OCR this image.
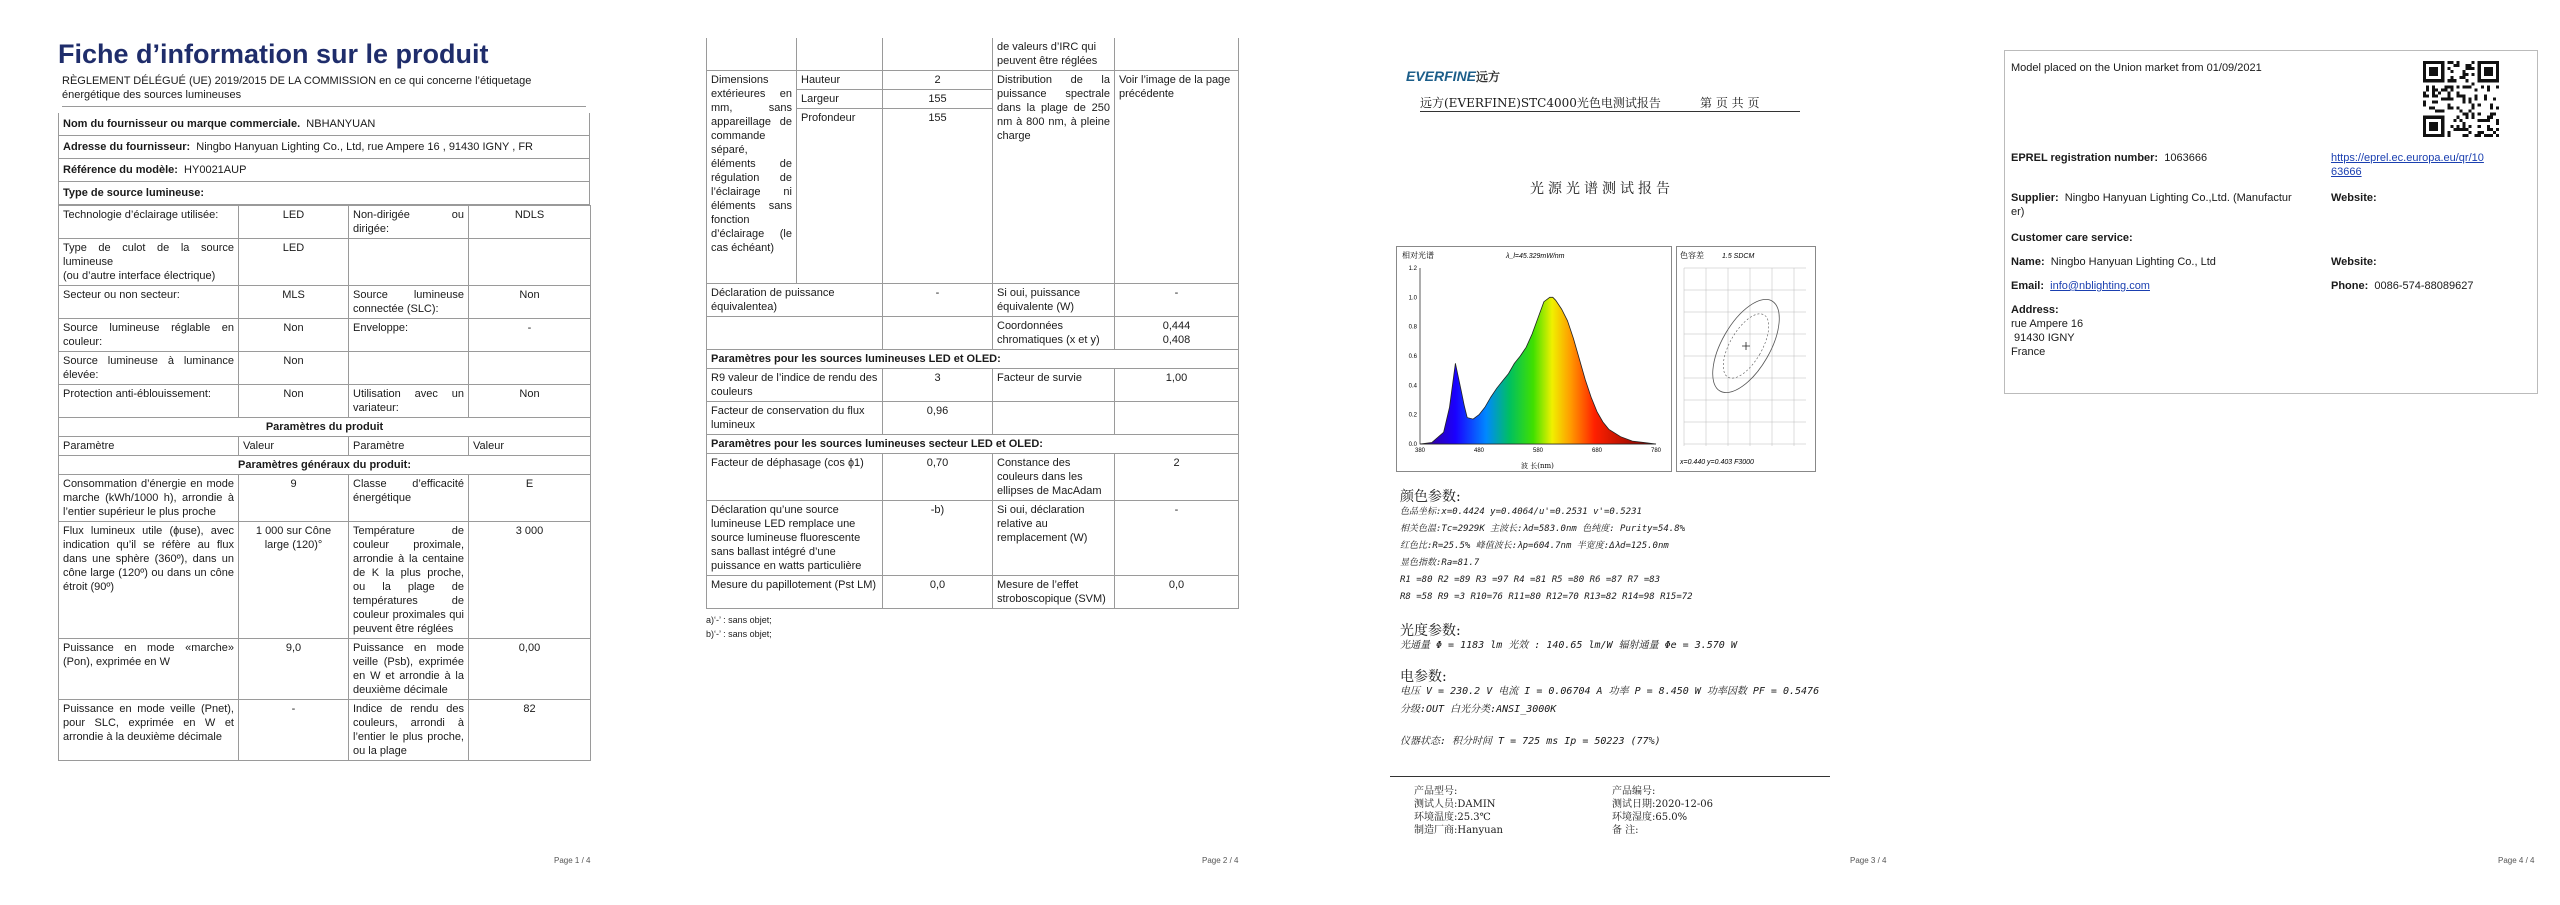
Fiche d’information sur le produit
RÈGLEMENT DÉLÉGUÉ (UE) 2019/2015 DE LA COMMISSION en ce qui concerne l’étiquetage énergétique des sources lumineuses
Nom du fournisseur ou marque commerciale. NBHANYUAN
Adresse du fournisseur: Ningbo Hanyuan Lighting Co., Ltd, rue Ampere 16 , 91430 IGNY , FR
Référence du modèle: HY0021AUP
Type de source lumineuse:
Technologie d’éclairage utilisée:	LED	Non-dirigée ou dirigée:	NDLS
Type de culot de la source lumineuse
(ou d’autre interface électrique)	LED		
Secteur ou non secteur:	MLS	Source lumineuse connectée (SLC):	Non
Source lumineuse réglable en couleur:	Non	Enveloppe:	-
Source lumineuse à luminance élevée:	Non		
Protection anti-éblouissement:	Non	Utilisation avec un variateur:	Non
Paramètres du produit			
Paramètre	Valeur	Paramètre	Valeur
Paramètres généraux du produit:			
Consommation d’énergie en mode marche (kWh/1000 h), arrondie à l’entier supérieur le plus proche	9	Classe d’efficacité énergétique	E
Flux lumineux utile (ɸuse), avec indication qu’il se réfère au flux dans une sphère (360º), dans un cône large (120º) ou dans un cône étroit (90º)	1 000 sur Cône large (120)°	Température de couleur proximale, arrondie à la centaine de K la plus proche, ou la plage de températures de couleur proximales qui peuvent être réglées	3 000
Puissance en mode «marche» (Pon), exprimée en W	9,0	Puissance en mode veille (Psb), exprimée en W et arrondie à la deuxième décimale	0,00
Puissance en mode veille (Pnet), pour SLC, exprimée en W et arrondie à la deuxième décimale	-	Indice de rendu des couleurs, arrondi à l’entier le plus proche, ou la plage	82
Page 1 / 4
			de valeurs d’IRC qui peuvent être réglées	
Dimensions extérieures en mm, sans appareillage de commande séparé, éléments de régulation de l’éclairage ni éléments sans fonction d’éclairage (le cas échéant)	Hauteur	2	Distribution de la puissance spectrale dans la plage de 250 nm à 800 nm, à pleine charge	Voir l’image de la page précédente
	Largeur	155		
	Profondeur	155		
Déclaration de puissance équivalentea)		-	Si oui, puissance équivalente (W)	-
			Coordonnées chromatiques (x et y)	0,444
0,408
Paramètres pour les sources lumineuses LED et OLED:				
R9 valeur de l’indice de rendu des couleurs		3	Facteur de survie	1,00
Facteur de conservation du flux lumineux		0,96		
Paramètres pour les sources lumineuses secteur LED et OLED:				
Facteur de déphasage (cos ɸ1)		0,70	Constance des couleurs dans les ellipses de MacAdam	2
Déclaration qu’une source lumineuse LED remplace une source lumineuse fluorescente sans ballast intégré d’une puissance en watts particulière		-b)	Si oui, déclaration relative au remplacement (W)	-
Mesure du papillotement (Pst LM)		0,0	Mesure de l’effet stroboscopique (SVM)	0,0
a)‘-’ : sans objet;
b)‘-’ : sans objet;
Page 2 / 4
EVERFINE远方
远方(EVERFINE)STC4000光色电测试报告	第 页 共 页
光源光谱测试报告
相对光谱	λ_l=45.329mW/nm
0.0
0.2
0.4
0.6
0.8
1.0
1.2
380	480	580	680	780
波 长(nm)
色容差	1.5 SDCM
x=0.440 y=0.403 F3000
颜色参数:
色品坐标:x=0.4424 y=0.4064/u'=0.2531 v'=0.5231
相关色温:Tc=2929K 主波长:λd=583.0nm 色纯度: Purity=54.8%
红色比:R=25.5% 峰值波长:λp=604.7nm 半宽度:Δλd=125.0nm
显色指数:Ra=81.7
R1 =80 R2 =89 R3 =97 R4 =81 R5 =80 R6 =87 R7 =83
R8 =58 R9 =3 R10=76 R11=80 R12=70 R13=82 R14=98 R15=72
光度参数:
光通量 Φ = 1183 lm 光效 : 140.65 lm/W 辐射通量 Φe = 3.570 W
电参数:
电压 V = 230.2 V 电流 I = 0.06704 A 功率 P = 8.450 W 功率因数 PF = 0.5476
分级:OUT 白光分类:ANSI_3000K
仪器状态: 积分时间 T = 725 ms Ip = 50223 (77%)
产品型号:
测试人员:DAMIN
环境温度:25.3℃
制造厂商:Hanyuan
产品编号:
测试日期:2020-12-06
环境湿度:65.0%
备 注:
Page 3 / 4
Model placed on the Union market from 01/09/2021
EPREL registration number: 1063666	https://eprel.ec.europa.eu/qr/10
63666
Supplier: Ningbo Hanyuan Lighting Co.,Ltd. (Manufactur
er)
Website:
Customer care service:
Name: Ningbo Hanyuan Lighting Co., Ltd	Website:
Email: info@nblighting.com	Phone: 0086-574-88089627
Address:
rue Ampere 16
91430 IGNY
France
Page 4 / 4
